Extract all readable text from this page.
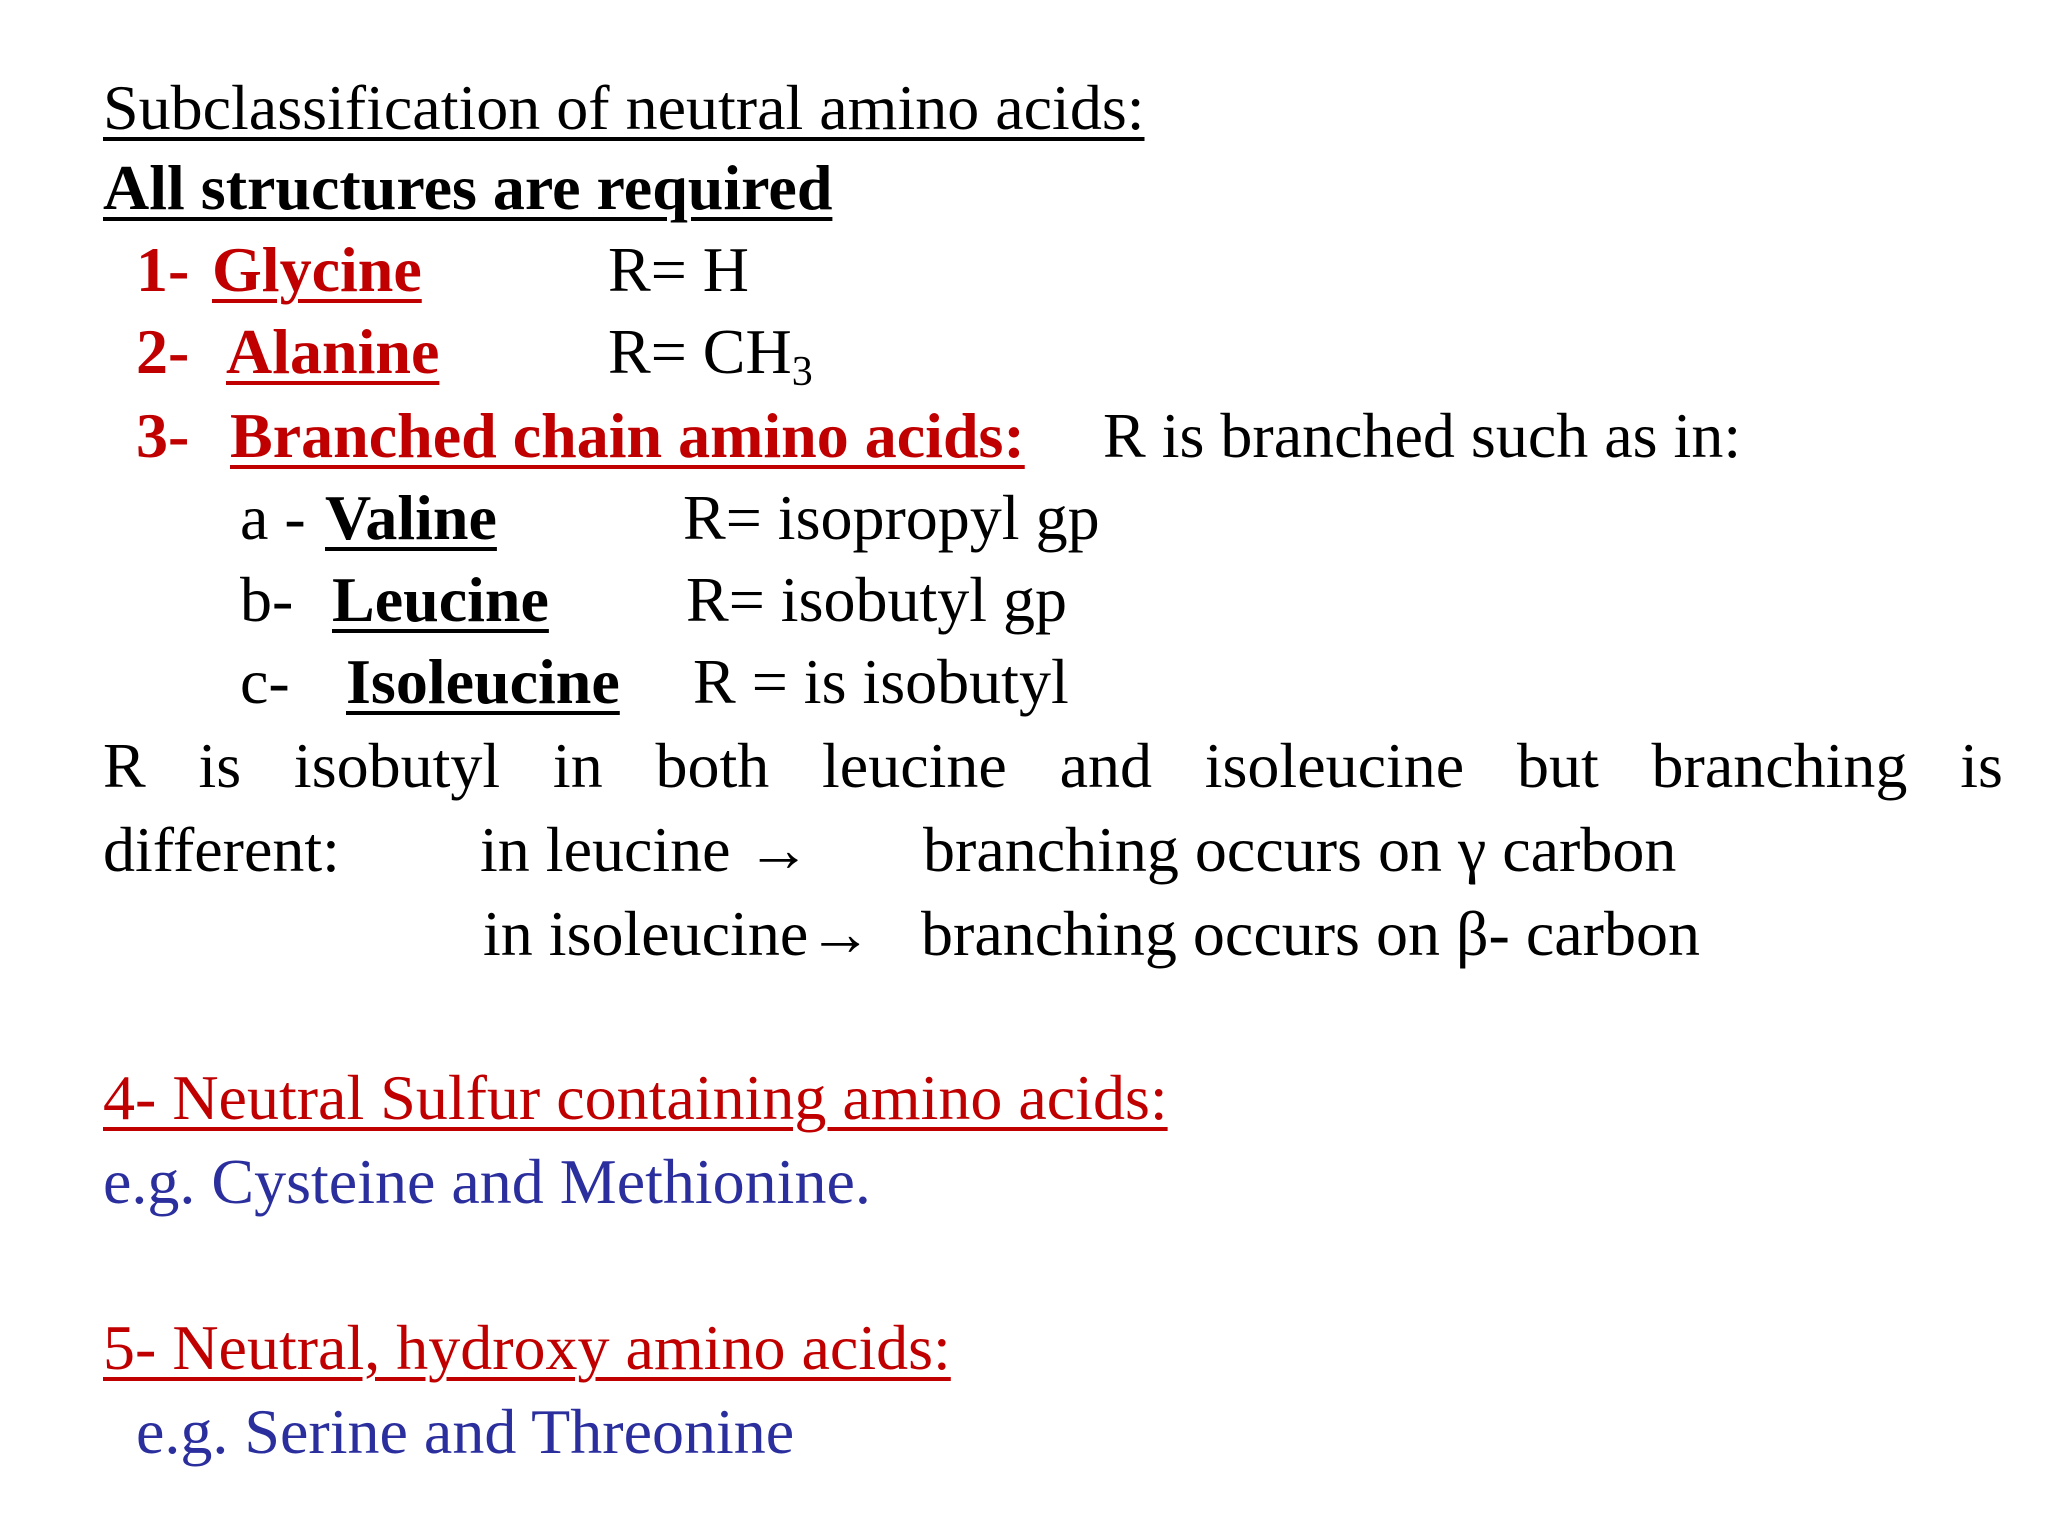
Subclassification of neutral amino acids:
All structures are required
1- Glycine	R= H
2- Alanine	R= CH3
3- Branched chain amino acids: R is branched such as in:
a - Valine	R= isopropyl gp
b- Leucine R= isobutyl gp
c- Isoleucine R = is isobutyl
R is isobutyl in both leucine and isoleucine but branching is
different: in leucine → branching occurs on γ carbon
in isoleucine→ branching occurs on β- carbon
4- Neutral Sulfur containing amino acids:
e.g. Cysteine and Methionine.
5- Neutral, hydroxy amino acids:
e.g. Serine and Threonine
